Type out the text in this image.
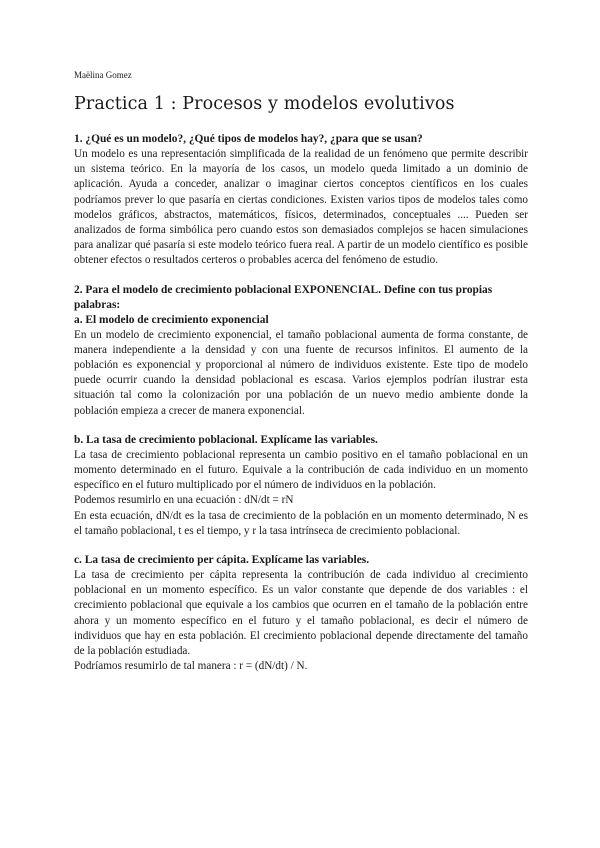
Maëlina Gomez

Practica 1 : Procesos y modelos evolutivos

1. ¿Qué es un modelo?, ¿Qué tipos de modelos hay?, ¿para que se usan?

Un modelo es una representación simplificada de la realidad de un fenómeno que permite describir un sistema teórico. En la mayoría de los casos, un modelo queda limitado a un dominio de aplicación. Ayuda a conceder, analizar o imaginar ciertos conceptos científicos en los cuales podríamos prever lo que pasaría en ciertas condiciones. Existen varios tipos de modelos tales como modelos gráficos, abstractos, matemáticos, físicos, determinados, conceptuales .... Pueden ser analizados de forma simbólica pero cuando estos son demasiados complejos se hacen simulaciones para analizar qué pasaría si este modelo teórico fuera real. A partir de un modelo científico es posible obtener efectos o resultados certeros o probables acerca del fenómeno de estudio.

2. Para el modelo de crecimiento poblacional EXPONENCIAL. Define con tus propias palabras:

a. El modelo de crecimiento exponencial

En un modelo de crecimiento exponencial, el tamaño poblacional aumenta de forma constante, de manera independiente a la densidad y con una fuente de recursos infinitos. El aumento de la población es exponencial y proporcional al número de individuos existente. Este tipo de modelo puede ocurrir cuando la densidad poblacional es escasa. Varios ejemplos podrían ilustrar esta situación tal como la colonización por una población de un nuevo medio ambiente donde la población empieza a crecer de manera exponencial.

b. La tasa de crecimiento poblacional. Explícame las variables.

La tasa de crecimiento poblacional representa un cambio positivo en el tamaño poblacional en un momento determinado en el futuro. Equivale a la contribución de cada individuo en un momento específico en el futuro multiplicado por el número de individuos en la población.

Podemos resumirlo en una ecuación : dN/dt = rN

En esta ecuación, dN/dt es la tasa de crecimiento de la población en un momento determinado, N es el tamaño poblacional, t es el tiempo, y r la tasa intrínseca de crecimiento poblacional.

c. La tasa de crecimiento per cápita. Explícame las variables.

La tasa de crecimiento per cápita representa la contribución de cada individuo al crecimiento poblacional en un momento específico. Es un valor constante que depende de dos variables : el crecimiento poblacional que equivale a los cambios que ocurren en el tamaño de la población entre ahora y un momento específico en el futuro y el tamaño poblacional, es decir el número de individuos que hay en esta población. El crecimiento poblacional depende directamente del tamaño de la población estudiada.

Podríamos resumirlo de tal manera : r = (dN/dt) / N.
